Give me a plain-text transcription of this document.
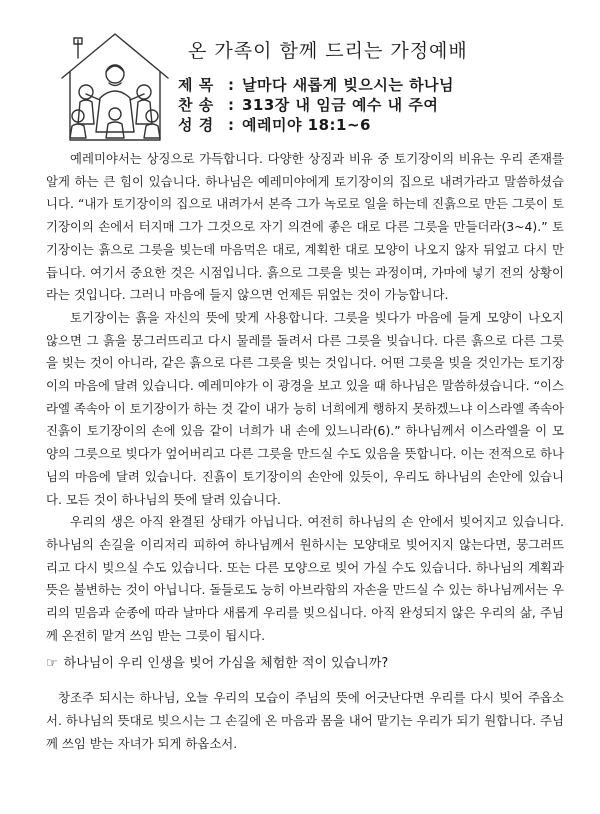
온 가족이 함께 드리는 가정예배
제 목 : 날마다 새롭게 빚으시는 하나님
찬 송 : 313장 내 임금 예수 내 주여
성 경 : 예레미야 18:1~6

예레미야서는 상징으로 가득합니다. 다양한 상징과 비유 중 토기장이의 비유는 우리 존재를 알게 하는 큰 힘이 있습니다. 하나님은 예레미야에게 토기장이의 집으로 내려가라고 말씀하셨습니다. “내가 토기장이의 집으로 내려가서 본즉 그가 녹로로 일을 하는데 진흙으로 만든 그릇이 토기장이의 손에서 터지매 그가 그것으로 자기 의견에 좋은 대로 다른 그릇을 만들더라(3~4).” 토기장이는 흙으로 그릇을 빚는데 마음먹은 대로, 계획한 대로 모양이 나오지 않자 뒤엎고 다시 만듭니다. 여기서 중요한 것은 시점입니다. 흙으로 그릇을 빚는 과정이며, 가마에 넣기 전의 상황이라는 것입니다. 그러니 마음에 들지 않으면 언제든 뒤엎는 것이 가능합니다.

토기장이는 흙을 자신의 뜻에 맞게 사용합니다. 그릇을 빚다가 마음에 들게 모양이 나오지 않으면 그 흙을 뭉그러뜨리고 다시 물레를 돌려서 다른 그릇을 빚습니다. 다른 흙으로 다른 그릇을 빚는 것이 아니라, 같은 흙으로 다른 그릇을 빚는 것입니다. 어떤 그릇을 빚을 것인가는 토기장이의 마음에 달려 있습니다. 예레미야가 이 광경을 보고 있을 때 하나님은 말씀하셨습니다. “이스라엘 족속아 이 토기장이가 하는 것 같이 내가 능히 너희에게 행하지 못하겠느냐 이스라엘 족속아 진흙이 토기장이의 손에 있음 같이 너희가 내 손에 있느니라(6).” 하나님께서 이스라엘을 이 모양의 그릇으로 빚다가 엎어버리고 다른 그릇을 만드실 수도 있음을 뜻합니다. 이는 전적으로 하나님의 마음에 달려 있습니다. 진흙이 토기장이의 손안에 있듯이, 우리도 하나님의 손안에 있습니다. 모든 것이 하나님의 뜻에 달려 있습니다.

우리의 생은 아직 완결된 상태가 아닙니다. 여전히 하나님의 손 안에서 빚어지고 있습니다. 하나님의 손길을 이리저리 피하여 하나님께서 원하시는 모양대로 빚어지지 않는다면, 뭉그러뜨리고 다시 빚으실 수도 있습니다. 또는 다른 모양으로 빚어 가실 수도 있습니다. 하나님의 계획과 뜻은 불변하는 것이 아닙니다. 돌들로도 능히 아브라함의 자손을 만드실 수 있는 하나님께서는 우리의 믿음과 순종에 따라 날마다 새롭게 우리를 빚으십니다. 아직 완성되지 않은 우리의 삶, 주님께 온전히 맡겨 쓰임 받는 그릇이 됩시다.

☞ 하나님이 우리 인생을 빚어 가심을 체험한 적이 있습니까?

창조주 되시는 하나님, 오늘 우리의 모습이 주님의 뜻에 어긋난다면 우리를 다시 빚어 주옵소서. 하나님의 뜻대로 빚으시는 그 손길에 온 마음과 몸을 내어 맡기는 우리가 되기 원합니다. 주님께 쓰임 받는 자녀가 되게 하옵소서.
